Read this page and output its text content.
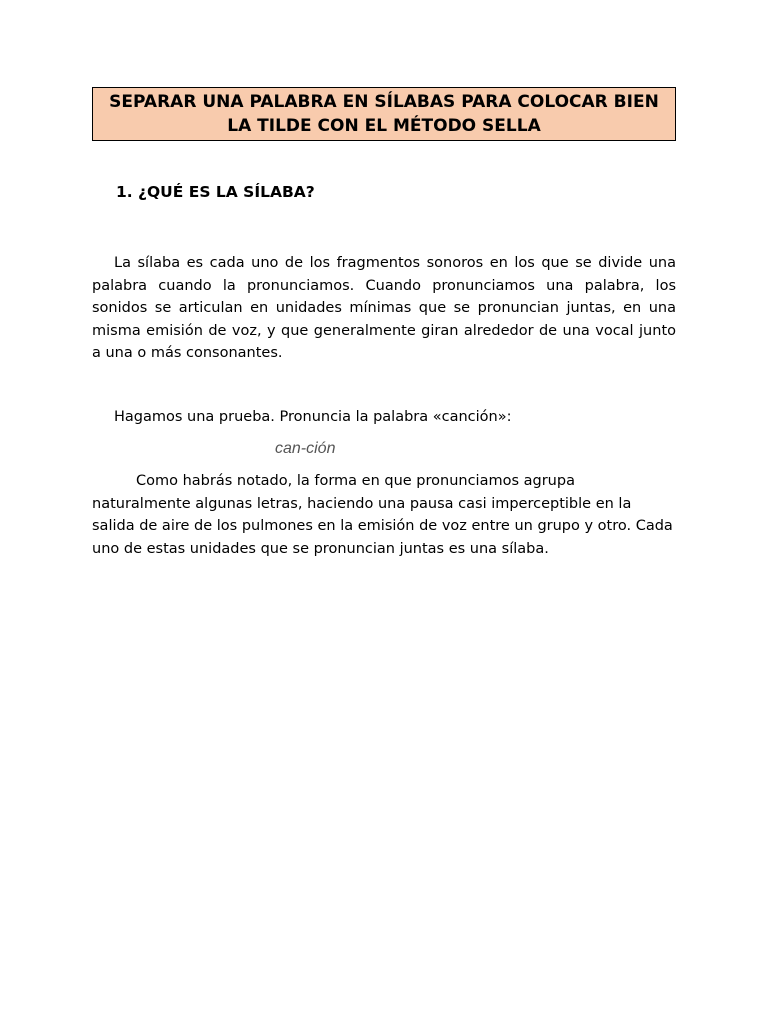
SEPARAR UNA PALABRA EN SÍLABAS PARA COLOCAR BIEN LA TILDE CON EL MÉTODO SELLA

1. ¿QUÉ ES LA SÍLABA?

La sílaba es cada uno de los fragmentos sonoros en los que se divide una palabra cuando la pronunciamos. Cuando pronunciamos una palabra, los sonidos se articulan en unidades mínimas que se pronuncian juntas, en una misma emisión de voz, y que generalmente giran alrededor de una vocal junto a una o más consonantes.

Hagamos una prueba. Pronuncia la palabra «canción»:

can-ción

Como habrás notado, la forma en que pronunciamos agrupa naturalmente algunas letras, haciendo una pausa casi imperceptible en la salida de aire de los pulmones en la emisión de voz entre un grupo y otro. Cada uno de estas unidades que se pronuncian juntas es una sílaba.
